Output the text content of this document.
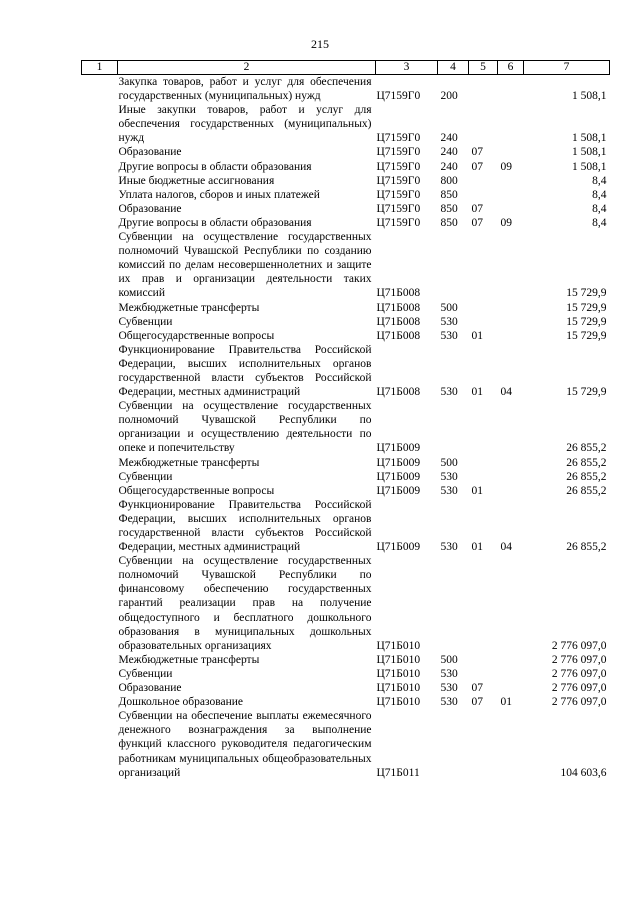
215
1	2	3	4	5	6	7
	Закупка товаров, работ и услуг для обеспечения государственных (муниципальных) нужд	Ц7159Г0	200			1 508,1
	Иные закупки товаров, работ и услуг для обеспечения государственных (муниципальных) нужд	Ц7159Г0	240			1 508,1
	Образование	Ц7159Г0	240	07		1 508,1
	Другие вопросы в области образования	Ц7159Г0	240	07	09	1 508,1
	Иные бюджетные ассигнования	Ц7159Г0	800			8,4
	Уплата налогов, сборов и иных платежей	Ц7159Г0	850			8,4
	Образование	Ц7159Г0	850	07		8,4
	Другие вопросы в области образования	Ц7159Г0	850	07	09	8,4
	Субвенции на осуществление государственных полномочий Чувашской Республики по созданию комиссий по делам несовершеннолетних и защите их прав и организации деятельности таких комиссий	Ц71Б008				15 729,9
	Межбюджетные трансферты	Ц71Б008	500			15 729,9
	Субвенции	Ц71Б008	530			15 729,9
	Общегосударственные вопросы	Ц71Б008	530	01		15 729,9
	Функционирование Правительства Российской Федерации, высших исполнительных органов государственной власти субъектов Российской Федерации, местных администраций	Ц71Б008	530	01	04	15 729,9
	Субвенции на осуществление государственных полномочий Чувашской Республики по организации и осуществлению деятельности по опеке и попечительству	Ц71Б009				26 855,2
	Межбюджетные трансферты	Ц71Б009	500			26 855,2
	Субвенции	Ц71Б009	530			26 855,2
	Общегосударственные вопросы	Ц71Б009	530	01		26 855,2
	Функционирование Правительства Российской Федерации, высших исполнительных органов государственной власти субъектов Российской Федерации, местных администраций	Ц71Б009	530	01	04	26 855,2
	Субвенции на осуществление государственных полномочий Чувашской Республики по финансовому обеспечению государственных гарантий реализации прав на получение общедоступного и бесплатного дошкольного образования в муниципальных дошкольных образовательных организациях	Ц71Б010				2 776 097,0
	Межбюджетные трансферты	Ц71Б010	500			2 776 097,0
	Субвенции	Ц71Б010	530			2 776 097,0
	Образование	Ц71Б010	530	07		2 776 097,0
	Дошкольное образование	Ц71Б010	530	07	01	2 776 097,0
	Субвенции на обеспечение выплаты ежемесячного денежного вознаграждения за выполнение функций классного руководителя педагогическим работникам муниципальных общеобразовательных организаций	Ц71Б011				104 603,6
